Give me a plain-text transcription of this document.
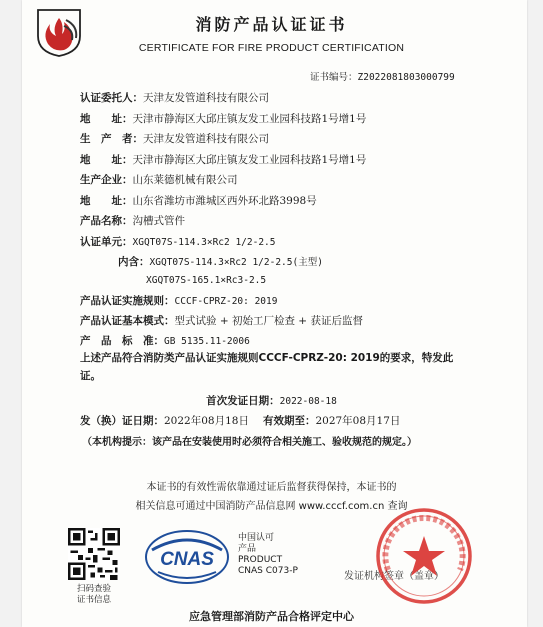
消防产品认证证书
CERTIFICATE FOR FIRE PRODUCT CERTIFICATION
证书编号：Z2022081803000799
认证委托人：天津友发管道科技有限公司
地　　址：天津市静海区大邱庄镇友发工业园科技路1号增1号
生　产　者：天津友发管道科技有限公司
地　　址：天津市静海区大邱庄镇友发工业园科技路1号增1号
生产企业：山东莱德机械有限公司
地　　址：山东省潍坊市潍城区西外环北路3998号
产品名称：沟槽式管件
认证单元：XGQT07S-114.3×Rc2 1/2-2.5
内含：XGQT07S-114.3×Rc2 1/2-2.5(主型)
XGQT07S-165.1×Rc3-2.5
产品认证实施规则：CCCF-CPRZ-20: 2019
产品认证基本模式：型式试验 + 初始工厂检查 + 获证后监督
产　品　标　准：GB 5135.11-2006
上述产品符合消防类产品认证实施规则CCCF-CPRZ-20: 2019的要求，特发此证。
首次发证日期：2022-08-18
发（换）证日期：2022年08月18日 有效期至：2027年08月17日
（本机构提示：该产品在安装使用时必须符合相关施工、验收规范的规定。）
本证书的有效性需依靠通过证后监督获得保持，本证书的
相关信息可通过中国消防产品信息网 www.cccf.com.cn 查询
扫码查验
证书信息
CNAS
中国认可
产品
PRODUCT
CNAS C073-P	发证机构签章（盖章）
应急管理部消防产品合格评定中心
